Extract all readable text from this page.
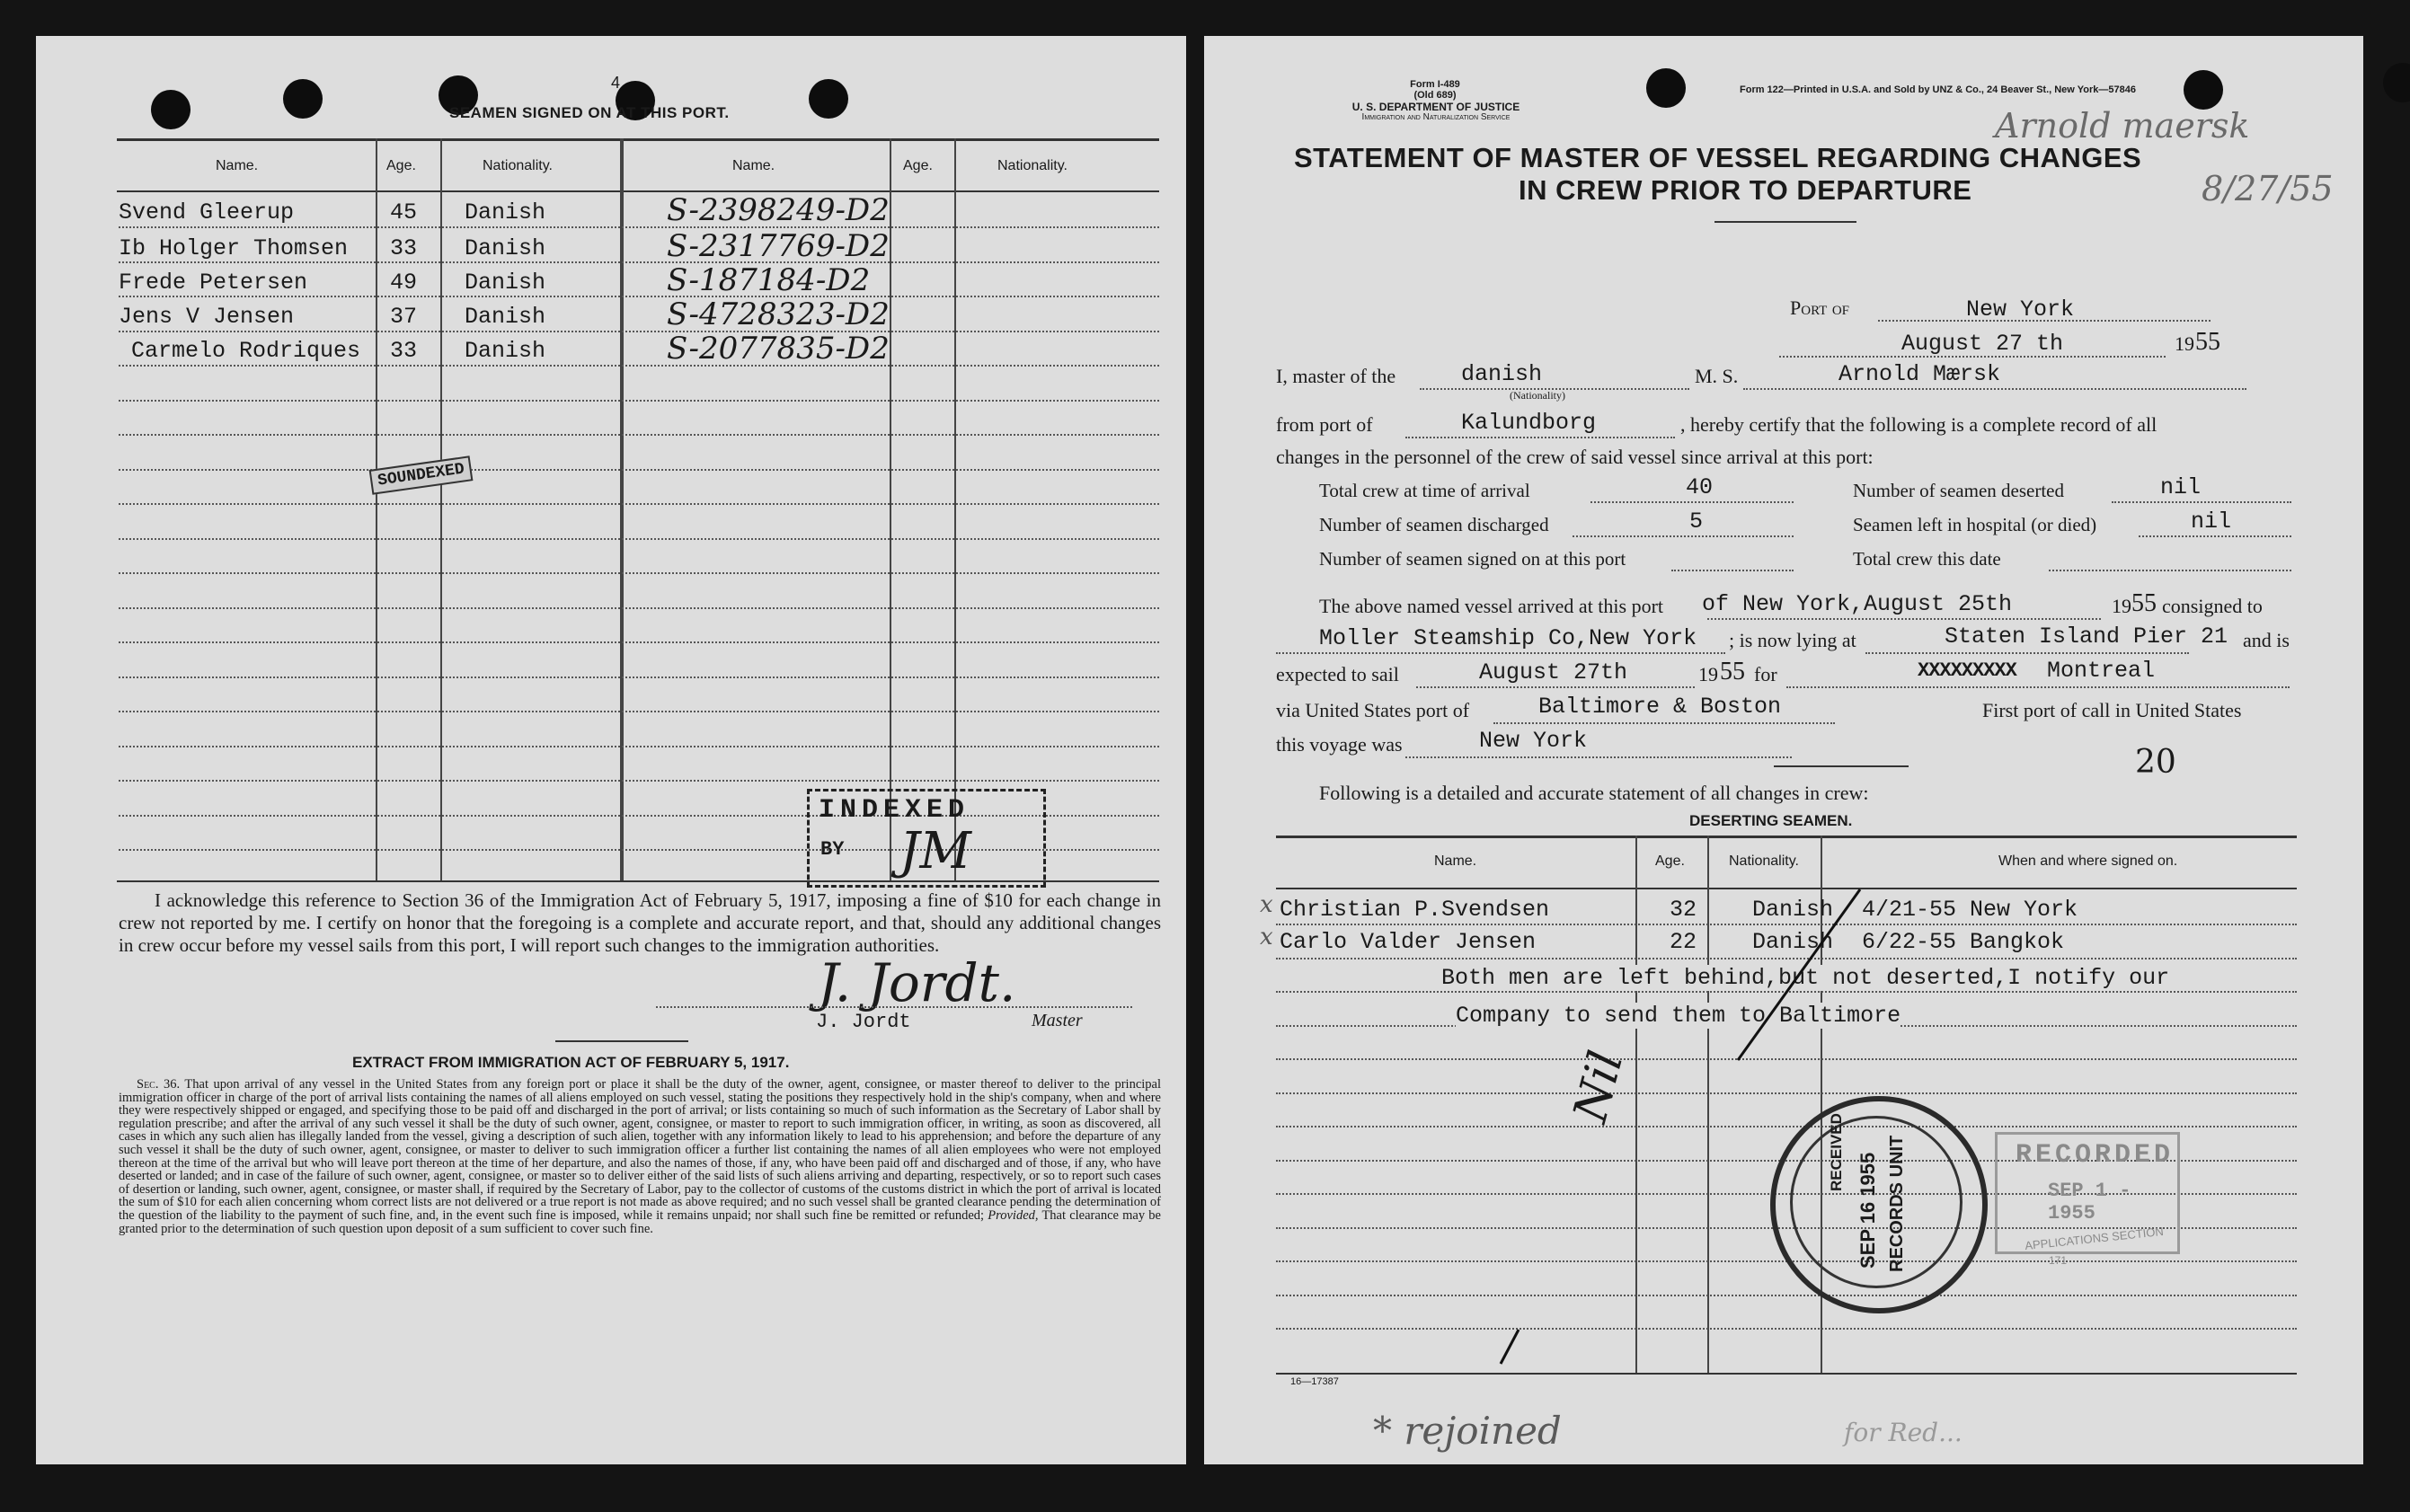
4
SEAMEN SIGNED ON AT THIS PORT.
Name.	Age.	Nationality.	Name.	Age.	Nationality.
Svend Gleerup	45 Danish	S-2398249-D2
Ib Holger Thomsen 33 Danish	S-2317769-D2
Frede Petersen	49 Danish	S-187184-D2
Jens V Jensen	37 Danish	S-4728323-D2
Carmelo Rodriques 33 Danish	S-2077835-D2
SOUNDEXED
INDEXED
BY JM
I acknowledge this reference to Section 36 of the Immigration Act of February 5, 1917, imposing a fine of $10 for each change in crew not reported by me. I certify on honor that the foregoing is a complete and accurate report, and that, should any additional changes in crew occur before my vessel sails from this port, I will report such changes to the immigration authorities.
J. Jordt.
J. Jordt	Master
EXTRACT FROM IMMIGRATION ACT OF FEBRUARY 5, 1917.
Sec. 36. That upon arrival of any vessel in the United States from any foreign port or place it shall be the duty of the owner, agent, consignee, or master thereof to deliver to the principal immigration officer in charge of the port of arrival lists containing the names of all aliens employed on such vessel, stating the positions they respectively hold in the ship's company, when and where they were respectively shipped or engaged, and specifying those to be paid off and discharged in the port of arrival; or lists containing so much of such information as the Secretary of Labor shall by regulation prescribe; and after the arrival of any such vessel it shall be the duty of such owner, agent, consignee, or master to report to such immigration officer, in writing, as soon as discovered, all cases in which any such alien has illegally landed from the vessel, giving a description of such alien, together with any information likely to lead to his apprehension; and before the departure of any such vessel it shall be the duty of such owner, agent, consignee, or master to deliver to such immigration officer a further list containing the names of all alien employees who were not employed thereon at the time of the arrival but who will leave port thereon at the time of her departure, and also the names of those, if any, who have been paid off and discharged and of those, if any, who have deserted or landed; and in case of the failure of such owner, agent, consignee, or master so to deliver either of the said lists of such aliens arriving and departing, respectively, or so to report such cases of desertion or landing, such owner, agent, consignee, or master shall, if required by the Secretary of Labor, pay to the collector of customs of the customs district in which the port of arrival is located the sum of $10 for each alien concerning whom correct lists are not delivered or a true report is not made as above required; and no such vessel shall be granted clearance pending the determination of the question of the liability to the payment of such fine, and, in the event such fine is imposed, while it remains unpaid; nor shall such fine be remitted or refunded; Provided, That clearance may be granted prior to the determination of such question upon deposit of a sum sufficient to cover such fine.
Form I-489
(Old 689)
U. S. DEPARTMENT OF JUSTICE
Immigration and Naturalization Service
Form 122—Printed in U.S.A. and Sold by UNZ & Co., 24 Beaver St., New York—57846
Arnold maersk
8/27/55
STATEMENT OF MASTER OF VESSEL REGARDING CHANGES
IN CREW PRIOR TO DEPARTURE
Port of	New York
August 27 th	19 55
I, master of the	danish
(Nationality)
M. S.	Arnold Mærsk
from port of	Kalundborg	, hereby certify that the following is a complete record of all
changes in the personnel of the crew of said vessel since arrival at this port:
Total crew at time of arrival	40
Number of seamen discharged	5
Number of seamen signed on at this port
Number of seamen deserted	nil
Seamen left in hospital (or died)	nil
Total crew this date
The above named vessel arrived at this port of New York,August 25th	19 55 consigned to
Moller Steamship Co,New York ; is now lying at	Staten Island Pier 21 and is
expected to sail	August 27th	19 55 for	XXXXXXXXX Montreal
via United States port of	Baltimore & Boston	First port of call in United States
this voyage was	New York
20
Following is a detailed and accurate statement of all changes in crew:
DESERTING SEAMEN.
Name.	Age.	Nationality.	When and where signed on.
x Christian P.Svendsen	32 Danish 4/21-55 New York
x Carlo Valder Jensen	22 Danish 6/22-55 Bangkok
Both men are left behind,but not deserted,I notify our
Company to send them to Baltimore
Nil
RECEIVED
SEP 16 1955 RECORDS UNIT	RECORDED
SEP 1 - 1955
APPLICATIONS SECTION
171
16—17387
* rejoined	for Red...
